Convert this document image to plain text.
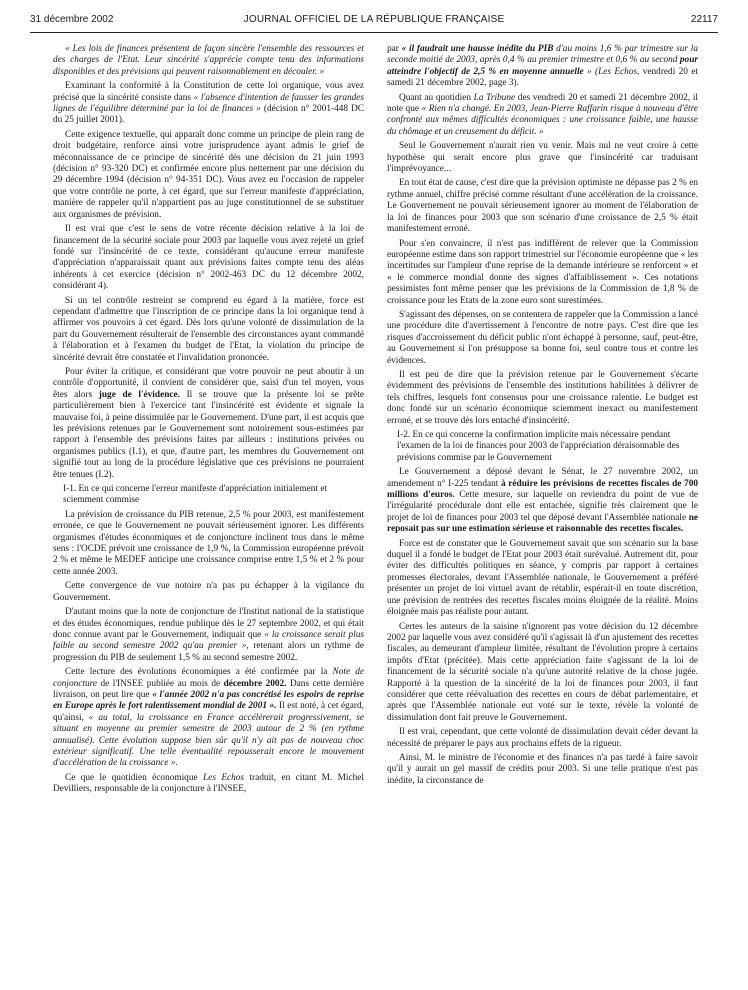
31 décembre 2002	JOURNAL OFFICIEL DE LA RÉPUBLIQUE FRANÇAISE	22117

« Les lois de finances présentent de façon sincère l'ensemble des ressources et des charges de l'Etat. Leur sincérité s'apprécie compte tenu des informations disponibles et des prévisions qui peuvent raisonnablement en découler. »

Examinant la conformité à la Constitution de cette loi organique, vous avez précisé que la sincérité consiste dans « l'absence d'intention de fausser les grandes lignes de l'équilibre déterminé par la loi de finances » (décision n° 2001-448 DC du 25 juillet 2001).

Cette exigence textuelle, qui apparaît donc comme un principe de plein rang de droit budgétaire, renforce ainsi votre jurisprudence ayant admis le grief de méconnaissance de ce principe de sincérité dès une décision du 21 juin 1993 (décision n° 93-320 DC) et confirmée encore plus nettement par une décision du 29 décembre 1994 (décision n° 94-351 DC). Vous avez eu l'occasion de rappeler que votre contrôle ne porte, à cet égard, que sur l'erreur manifeste d'appréciation, manière de rappeler qu'il n'appartient pas au juge constitutionnel de se substituer aux organismes de prévision.

Il est vrai que c'est le sens de votre récente décision relative à la loi de financement de la sécurité sociale pour 2003 par laquelle vous avez rejeté un grief fondé sur l'insincérité de ce texte, considérant qu'aucune erreur manifeste d'appréciation n'apparaissait quant aux prévisions faites compte tenu des aléas inhérents à cet exercice (décision n° 2002-463 DC du 12 décembre 2002, considérant 4).

Si un tel contrôle restreint se comprend eu égard à la matière, force est cependant d'admettre que l'inscription de ce principe dans la loi organique tend à affirmer vos pouvoirs à cet égard. Dès lors qu'une volonté de dissimulation de la part du Gouvernement résulterait de l'ensemble des circonstances ayant commandé à l'élaboration et à l'examen du budget de l'Etat, la violation du principe de sincérité devrait être constatée et l'invalidation prononcée.

Pour éviter la critique, et considérant que votre pouvoir ne peut aboutir à un contrôle d'opportunité, il convient de considérer que, saisi d'un tel moyen, vous êtes alors juge de l'évidence. Il se trouve que la présente loi se prête particulièrement bien à l'exercice tant l'insincérité est évidente et signale la mauvaise foi, à peine dissimulée par le Gouvernement. D'une part, il est acquis que les prévisions retenues par le Gouvernement sont notoirement sous-estimées par rapport à l'ensemble des prévisions faites par ailleurs : institutions privées ou organismes publics (I.1), et que, d'autre part, les membres du Gouvernement ont signifié tout au long de la procédure législative que ces prévisions ne pourraient être tenues (I.2).

I-1. En ce qui concerne l'erreur manifeste d'appréciation initialement et sciemment commise

La prévision de croissance du PIB retenue, 2,5 % pour 2003, est manifestement erronée, ce que le Gouvernement ne pouvait sérieusement ignorer. Les différents organismes d'études économiques et de conjoncture inclinent tous dans le même sens : l'OCDE prévoit une croissance de 1,9 %, la Commission européenne prévoit 2 % et même le MEDEF anticipe une croissance comprise entre 1,5 % et 2 % pour cette année 2003.

Cette convergence de vue notoire n'a pas pu échapper à la vigilance du Gouvernement.

D'autant moins que la note de conjoncture de l'Institut national de la statistique et des études économiques, rendue publique dès le 27 septembre 2002, et qui était donc connue avant par le Gouvernement, indiquait que « la croissance serait plus faible au second semestre 2002 qu'au premier », retenant alors un rythme de progression du PIB de seulement 1,5 % au second semestre 2002.

Cette lecture des évolutions économiques a été confirmée par la Note de conjoncture de l'INSEE publiée au mois de décembre 2002. Dans cette dernière livraison, on peut lire que « l'année 2002 n'a pas concrétisé les espoirs de reprise en Europe après le fort ralentissement mondial de 2001 ». Il est noté, à cet égard, qu'ainsi, « au total, la croissance en France accélérerait progressivement, se situant en moyenne au premier semestre de 2003 autour de 2 % (en rythme annualisé). Cette évolution suppose bien sûr qu'il n'y ait pas de nouveau choc extérieur significatif. Une telle éventualité repousserait encore le mouvement d'accélération de la croissance ».

Ce que le quotidien économique Les Echos traduit, en citant M. Michel Devilliers, responsable de la conjoncture à l'INSEE,

par « il faudrait une hausse inédite du PIB d'au moins 1,6 % par trimestre sur la seconde moitié de 2003, après 0,4 % au premier trimestre et 0,6 % au second pour atteindre l'objectif de 2,5 % en moyenne annuelle » (Les Echos, vendredi 20 et samedi 21 décembre 2002, page 3).

Quant au quotidien La Tribune des vendredi 20 et samedi 21 décembre 2002, il note que « Rien n'a changé. En 2003, Jean-Pierre Raffarin risque à nouveau d'être confronté aux mêmes difficultés économiques : une croissance faible, une hausse du chômage et un creusement du déficit. »

Seul le Gouvernement n'aurait rien vu venir. Mais nul ne veut croire à cette hypothèse qui serait encore plus grave que l'insincérité car traduisant l'imprévoyance...

En tout état de cause, c'est dire que la prévision optimiste ne dépasse pas 2 % en rythme annuel, chiffre précisé comme résultant d'une accélération de la croissance. Le Gouvernement ne pouvait sérieusement ignorer au moment de l'élaboration de la loi de finances pour 2003 que son scénario d'une croissance de 2,5 % était manifestement erroné.

Pour s'en convaincre, il n'est pas indifférent de relever que la Commission européenne estime dans son rapport trimestriel sur l'économie européenne que « les incertitudes sur l'ampleur d'une reprise de la demande intérieure se renforcent » et « le commerce mondial donne des signes d'affaiblissement ». Ces notations pessimistes font même penser que les prévisions de la Commission de 1,8 % de croissance pour les Etats de la zone euro sont surestimées.

S'agissant des dépenses, on se contentera de rappeler que la Commission a lancé une procédure dite d'avertissement à l'encontre de notre pays. C'est dire que les risques d'accroissement du déficit public n'ont échappé à personne, sauf, peut-être, au Gouvernement si l'on présuppose sa bonne foi, seul contre tous et contre les évidences.

Il est peu de dire que la prévision retenue par le Gouvernement s'écarte évidemment des prévisions de l'ensemble des institutions habilitées à délivrer de tels chiffres, lesquels font consensus pour une croissance ralentie. Le budget est donc fondé sur un scénario économique sciemment inexact ou manifestement erroné, et se trouve dès lors entaché d'insincérité.

I-2. En ce qui concerne la confirmation implicite mais nécessaire pendant l'examen de la loi de finances pour 2003 de l'appréciation déraisonnable des prévisions commise par le Gouvernement

Le Gouvernement a déposé devant le Sénat, le 27 novembre 2002, un amendement n° I-225 tendant à réduire les prévisions de recettes fiscales de 700 millions d'euros. Cette mesure, sur laquelle on reviendra du point de vue de l'irrégularité procédurale dont elle est entachée, signifie très clairement que le projet de loi de finances pour 2003 tel que déposé devant l'Assemblée nationale ne reposait pas sur une estimation sérieuse et raisonnable des recettes fiscales.

Force est de constater que le Gouvernement savait que son scénario sur la base duquel il a fondé le budget de l'Etat pour 2003 était surévalué. Autrement dit, pour éviter des difficultés politiques en séance, y compris par rapport à certaines promesses électorales, devant l'Assemblée nationale, le Gouvernement a préféré présenter un projet de loi virtuel avant de rétablir, espérait-il en toute discrétion, une prévision de rentrées des recettes fiscales moins éloignée de la réalité. Moins éloignée mais pas réaliste pour autant.

Certes les auteurs de la saisine n'ignorent pas votre décision du 12 décembre 2002 par laquelle vous avez considéré qu'il s'agissait là d'un ajustement des recettes fiscales, au demeurant d'ampleur limitée, résultant de l'évolution propre à certains impôts d'Etat (précitée). Mais cette appréciation faite s'agissant de la loi de financement de la sécurité sociale n'a qu'une autorité relative de la chose jugée. Rapporté à la question de la sincérité de la loi de finances pour 2003, il faut considérer que cette réévaluation des recettes en cours de débat parlementaire, et après que l'Assemblée nationale eut voté sur le texte, révèle la volonté de dissimulation dont fait preuve le Gouvernement.

Il est vrai, cependant, que cette volonté de dissimulation devait céder devant la nécessité de préparer le pays aux prochains effets de la rigueur.

Ainsi, M. le ministre de l'économie et des finances n'a pas tardé à faire savoir qu'il y aurait un gel massif de crédits pour 2003. Si une telle pratique n'est pas inédite, la circonstance de
